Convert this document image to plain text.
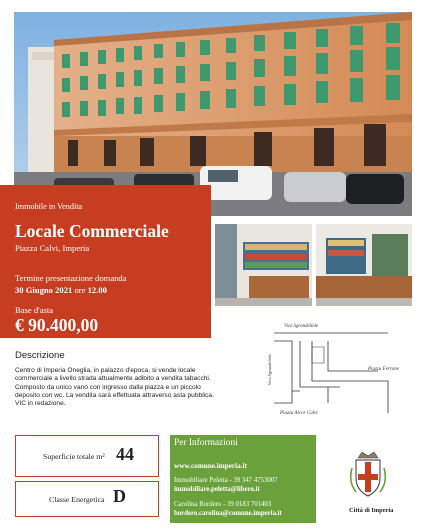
Immobile in Vendita
Locale Commerciale
Piazza Calvi, Imperia
Termine presentazione domanda
30 Giugno 2021 ore 12.00
Base d'asta
€ 90.400,00	Vico Sgrandelinle
Vico Sgrandelinle	Piazza Ferrone
Piazza Alcor Calvi
Descrizione
Centro di Imperia Oneglia, in palazzo d'epoca, si vende locale commerciale a livello strada attualmente adibito a vendita tabacchi. Composto da unico vano con ingresso dalla piazza e un piccolo deposito con wc. La vendita sarà effettuata attraverso asta pubblica. VIC in redazione.
Superficie totale m² 44
Classe Energetica D
Per Informazioni
www.comune.imperia.it
Immobiliare Peletta - 39 347 4753007
immobiliare.peletta@libero.it
Carolina Bordero - 39 0183 701403
bordero.carolina@comune.imperia.it	Città di Imperia
